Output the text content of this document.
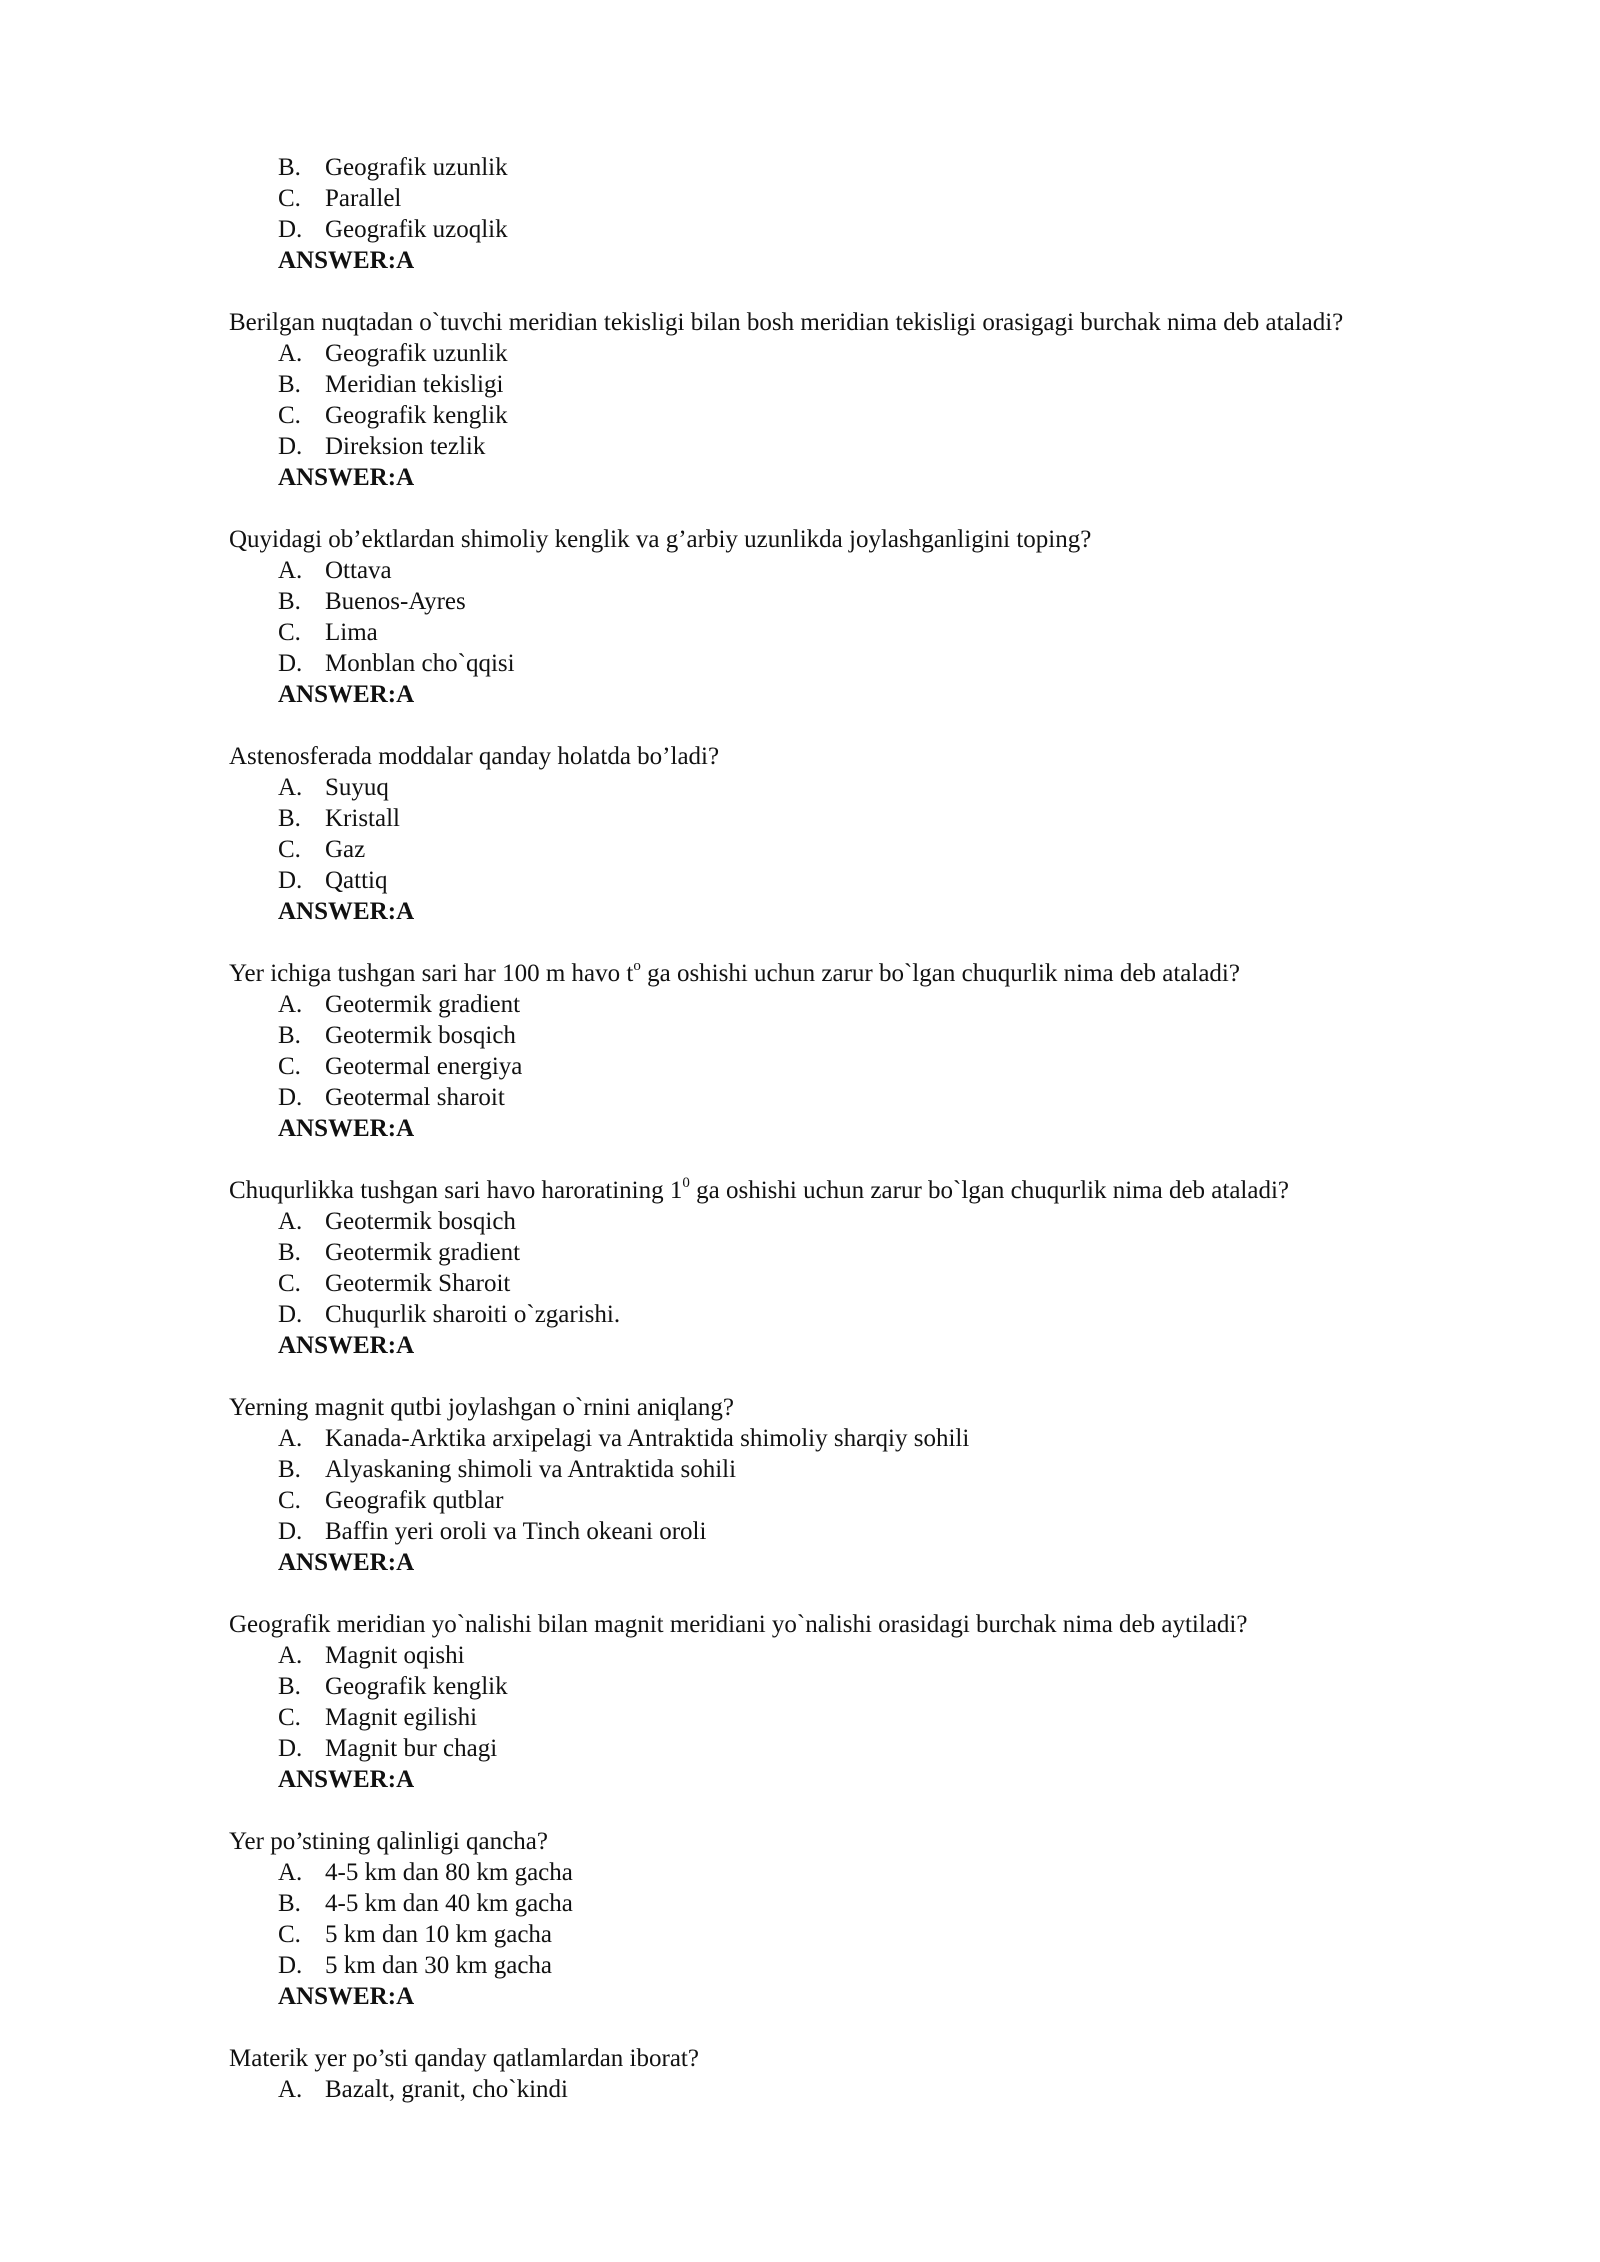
B. Geografik uzunlik
C. Parallel
D. Geografik uzoqlik
ANSWER:A
Berilgan nuqtadan o`tuvchi meridian tekisligi bilan bosh meridian tekisligi orasigagi burchak nima deb ataladi?
A. Geografik uzunlik
B. Meridian tekisligi
C. Geografik kenglik
D. Direksion tezlik
ANSWER:A
Quyidagi ob’ektlardan shimoliy kenglik va g’arbiy uzunlikda joylashganligini toping?
A. Ottava
B. Buenos-Ayres
C. Lima
D. Monblan cho`qqisi
ANSWER:A
Astenosferada moddalar qanday holatda bo’ladi?
A. Suyuq
B. Kristall
C. Gaz
D. Qattiq
ANSWER:A
Yer ichiga tushgan sari har 100 m havo $t^o$ ga oshishi uchun zarur bo`lgan chuqurlik nima deb ataladi?
A. Geotermik gradient
B. Geotermik bosqich
C. Geotermal energiya
D. Geotermal sharoit
ANSWER:A
Chuqurlikka tushgan sari havo haroratining $1^0$ ga oshishi uchun zarur bo`lgan chuqurlik nima deb ataladi?
A. Geotermik bosqich
B. Geotermik gradient
C. Geotermik Sharoit
D. Chuqurlik sharoiti o`zgarishi.
ANSWER:A
Yerning magnit qutbi joylashgan o`rnini aniqlang?
A. Kanada-Arktika arxipelagi va Antraktida shimoliy sharqiy sohili
B. Alyaskaning shimoli va Antraktida sohili
C. Geografik qutblar
D. Baffin yeri oroli va Tinch okeani oroli
ANSWER:A
Geografik meridian yo`nalishi bilan magnit meridiani yo`nalishi orasidagi burchak nima deb aytiladi?
A. Magnit oqishi
B. Geografik kenglik
C. Magnit egilishi
D. Magnit bur chagi
ANSWER:A
Yer po’stining qalinligi qancha?
A. 4-5 km dan 80 km gacha
B. 4-5 km dan 40 km gacha
C. 5 km dan 10 km gacha
D. 5 km dan 30 km gacha
ANSWER:A
Materik yer po’sti qanday qatlamlardan iborat?
A. Bazalt, granit, cho`kindi
